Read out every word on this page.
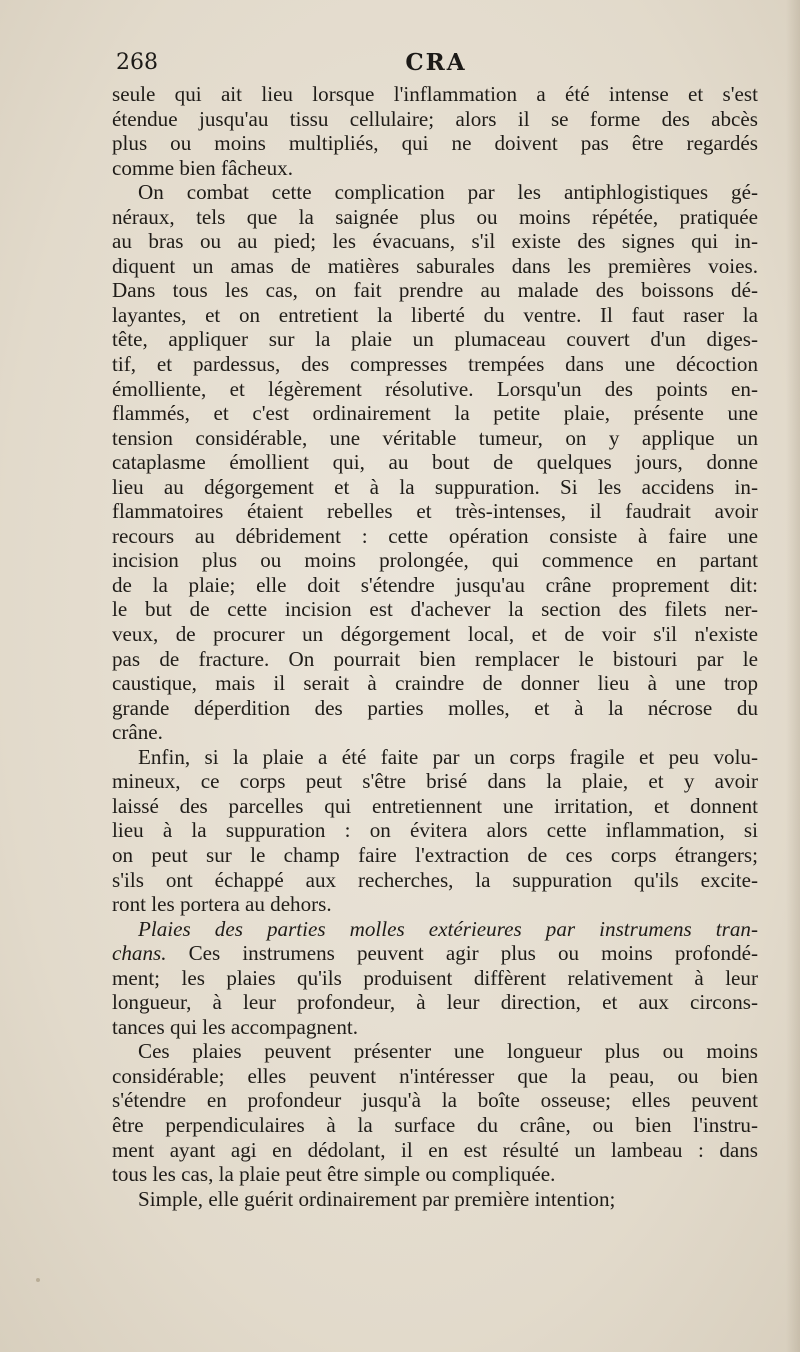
268	CRA

seule qui ait lieu lorsque l'inflammation a été intense et s'est

étendue jusqu'au tissu cellulaire; alors il se forme des abcès

plus ou moins multipliés, qui ne doivent pas être regardés

comme bien fâcheux.

On combat cette complication par les antiphlogistiques gé-

néraux, tels que la saignée plus ou moins répétée, pratiquée

au bras ou au pied; les évacuans, s'il existe des signes qui in-

diquent un amas de matières saburales dans les premières voies.

Dans tous les cas, on fait prendre au malade des boissons dé-

layantes, et on entretient la liberté du ventre. Il faut raser la

tête, appliquer sur la plaie un plumaceau couvert d'un diges-

tif, et pardessus, des compresses trempées dans une décoction

émolliente, et légèrement résolutive. Lorsqu'un des points en-

flammés, et c'est ordinairement la petite plaie, présente une

tension considérable, une véritable tumeur, on y applique un

cataplasme émollient qui, au bout de quelques jours, donne

lieu au dégorgement et à la suppuration. Si les accidens in-

flammatoires étaient rebelles et très-intenses, il faudrait avoir

recours au débridement : cette opération consiste à faire une

incision plus ou moins prolongée, qui commence en partant

de la plaie; elle doit s'étendre jusqu'au crâne proprement dit:

le but de cette incision est d'achever la section des filets ner-

veux, de procurer un dégorgement local, et de voir s'il n'existe

pas de fracture. On pourrait bien remplacer le bistouri par le

caustique, mais il serait à craindre de donner lieu à une trop

grande déperdition des parties molles, et à la nécrose du

crâne.

Enfin, si la plaie a été faite par un corps fragile et peu volu-

mineux, ce corps peut s'être brisé dans la plaie, et y avoir

laissé des parcelles qui entretiennent une irritation, et donnent

lieu à la suppuration : on évitera alors cette inflammation, si

on peut sur le champ faire l'extraction de ces corps étrangers;

s'ils ont échappé aux recherches, la suppuration qu'ils excite-

ront les portera au dehors.

Plaies des parties molles extérieures par instrumens tran-

chans. Ces instrumens peuvent agir plus ou moins profondé-

ment; les plaies qu'ils produisent diffèrent relativement à leur

longueur, à leur profondeur, à leur direction, et aux circons-

tances qui les accompagnent.

Ces plaies peuvent présenter une longueur plus ou moins

considérable; elles peuvent n'intéresser que la peau, ou bien

s'étendre en profondeur jusqu'à la boîte osseuse; elles peuvent

être perpendiculaires à la surface du crâne, ou bien l'instru-

ment ayant agi en dédolant, il en est résulté un lambeau : dans

tous les cas, la plaie peut être simple ou compliquée.

Simple, elle guérit ordinairement par première intention;
